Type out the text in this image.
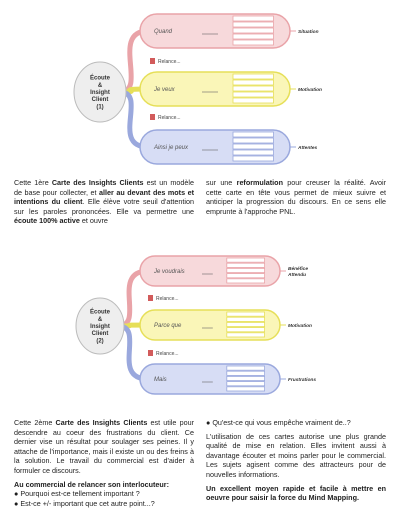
Quand	Situation
Je veux	Motivation
Ainsi je peux	Attentes
Relance...
Relance...
Écoute
&
Insight
Client
(1)
Cette 1ère Carte des Insights Clients est un modèle de base pour collecter, et aller au devant des mots et intentions du client. Elle élève votre seuil d'attention sur les paroles prononcées. Elle va permettre une écoute 100% active et ouvre
sur une reformulation pour creuser la réalité. Avoir cette carte en tête vous permet de mieux suivre et anticiper la progression du discours. En ce sens elle emprunte à l'approche PNL.
Je voudrais	Bénéfice
Attendu
Parce que	Motivation
Mais	Frustrations
Relance...
Relance...
Écoute
&
Insight
Client
(2)

Cette 2ème Carte des Insights Clients est utile pour descendre au coeur des frustrations du client. Ce dernier vise un résultat pour soulager ses peines. Il y attache de l'importance, mais il existe un ou des freins à la solution. Le travail du commercial est d'aider à formuler ce discours.

Au commercial de relancer son interlocuteur:

● Pourquoi est-ce tellement important ?
● Est-ce +/- important que cet autre point...?

● Qu'est-ce qui vous empêche vraiment de..?

L'utilisation de ces cartes autorise une plus grande qualité de mise en relation. Elles invitent aussi à davantage écouter et moins parler pour le commercial. Les sujets agisent comme des attracteurs pour de nouvelles informations.

Un excellent moyen rapide et facile à mettre en oeuvre pour saisir la force du Mind Mapping.
